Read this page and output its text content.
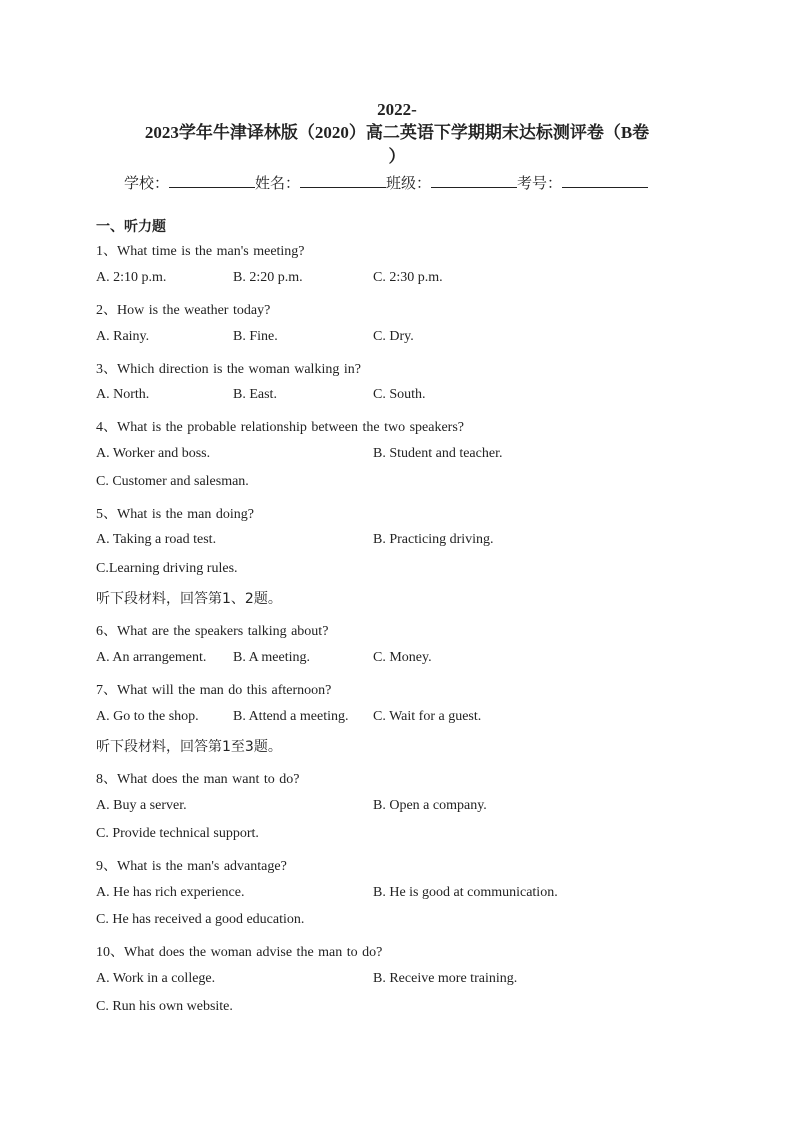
2022-
2023学年牛津译林版（2020）高二英语下学期期末达标测评卷（B卷
）
学校：	姓名：	班级：	考号：
一、听力题
1、What time is the man's meeting?
A. 2:10 p.m.	B. 2:20 p.m.	C. 2:30 p.m.
2、How is the weather today?
A. Rainy.	B. Fine.	C. Dry.
3、Which direction is the woman walking in?
A. North.	B. East.	C. South.
4、What is the probable relationship between the two speakers?
A. Worker and boss.	B. Student and teacher.
C. Customer and salesman.
5、What is the man doing?
A. Taking a road test.	B. Practicing driving.
C.Learning driving rules.
听下段材料，回答第1、2题。
6、What are the speakers talking about?
A. An arrangement. B. A meeting.	C. Money.
7、What will the man do this afternoon?
A. Go to the shop. B. Attend a meeting. C. Wait for a guest.
听下段材料，回答第1至3题。
8、What does the man want to do?
A. Buy a server.	B. Open a company.
C. Provide technical support.
9、What is the man's advantage?
A. He has rich experience.	B. He is good at communication.
C. He has received a good education.
10、What does the woman advise the man to do?
A. Work in a college.	B. Receive more training.
C. Run his own website.
